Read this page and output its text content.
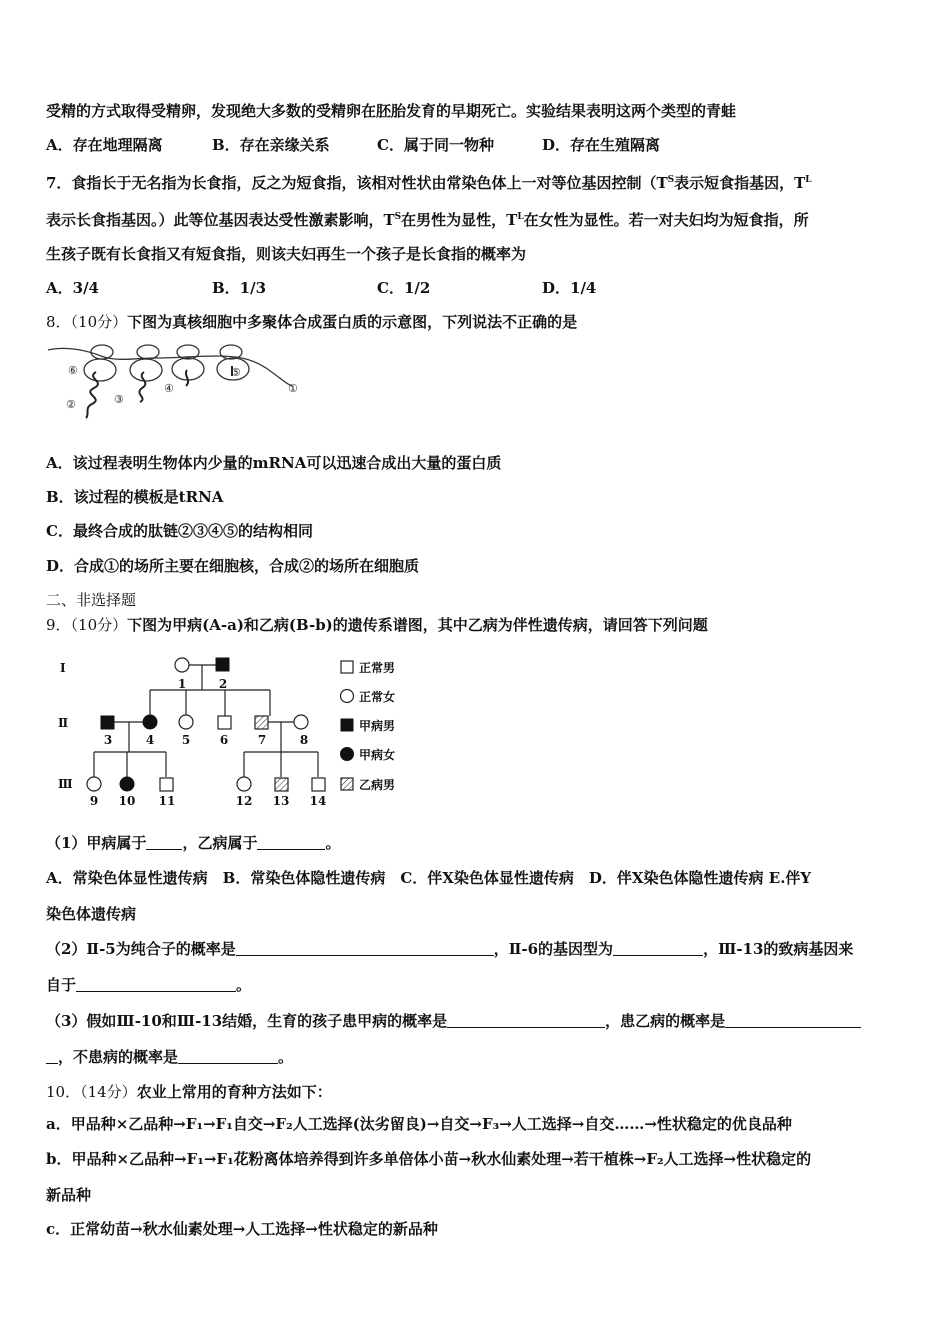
受精的方式取得受精卵，发现绝大多数的受精卵在胚胎发育的早期死亡。实验结果表明这两个类型的青蛙
A．存在地理隔离	B．存在亲缘关系	C．属于同一物种	D．存在生殖隔离
7．食指长于无名指为长食指，反之为短食指，该相对性状由常染色体上一对等位基因控制（$T^S$表示短食指基因，$T^L$
表示长食指基因。）此等位基因表达受性激素影响，$T^S$在男性为显性，$T^L$在女性为显性。若一对夫妇均为短食指，所
生孩子既有长食指又有短食指，则该夫妇再生一个孩子是长食指的概率为
A．3/4	B．1/3	C．1/2	D．1/4
8．（10分）下图为真核细胞中多聚体合成蛋白质的示意图，下列说法不正确的是
⑥
②	③
④
⑤
①
A．该过程表明生物体内少量的mRNA可以迅速合成出大量的蛋白质
B．该过程的模板是tRNA
C．最终合成的肽链②③④⑤的结构相同
D．合成①的场所主要在细胞核，合成②的场所在细胞质
二、非选择题
9．（10分）下图为甲病(A-a)和乙病(B-b)的遗传系谱图，其中乙病为伴性遗传病，请回答下列问题
Ⅰ
Ⅱ
Ⅲ
1	2
3	4 5 6 7	8
9 10 11	12 13 14
正常男
正常女
甲病男
甲病女
乙病男
（1）甲病属于 ，乙病属于	。
A．常染色体显性遗传病　B．常染色体隐性遗传病　C．伴X染色体显性遗传病　D．伴X染色体隐性遗传病 E.伴Y
染色体遗传病
（2）Ⅱ-5为纯合子的概率是	，Ⅱ-6的基因型为	，Ⅲ-13的致病基因来
自于	。
（3）假如Ⅲ-10和Ⅲ-13结婚，生育的孩子患甲病的概率是	，患乙病的概率是
，不患病的概率是	。
10．（14分）农业上常用的育种方法如下：
a．甲品种×乙品种→F₁→F₁自交→F₂人工选择(汰劣留良)→自交→F₃→人工选择→自交……→性状稳定的优良品种
b．甲品种×乙品种→F₁→F₁花粉离体培养得到许多单倍体小苗→秋水仙素处理→若干植株→F₂人工选择→性状稳定的
新品种
c．正常幼苗→秋水仙素处理→人工选择→性状稳定的新品种
